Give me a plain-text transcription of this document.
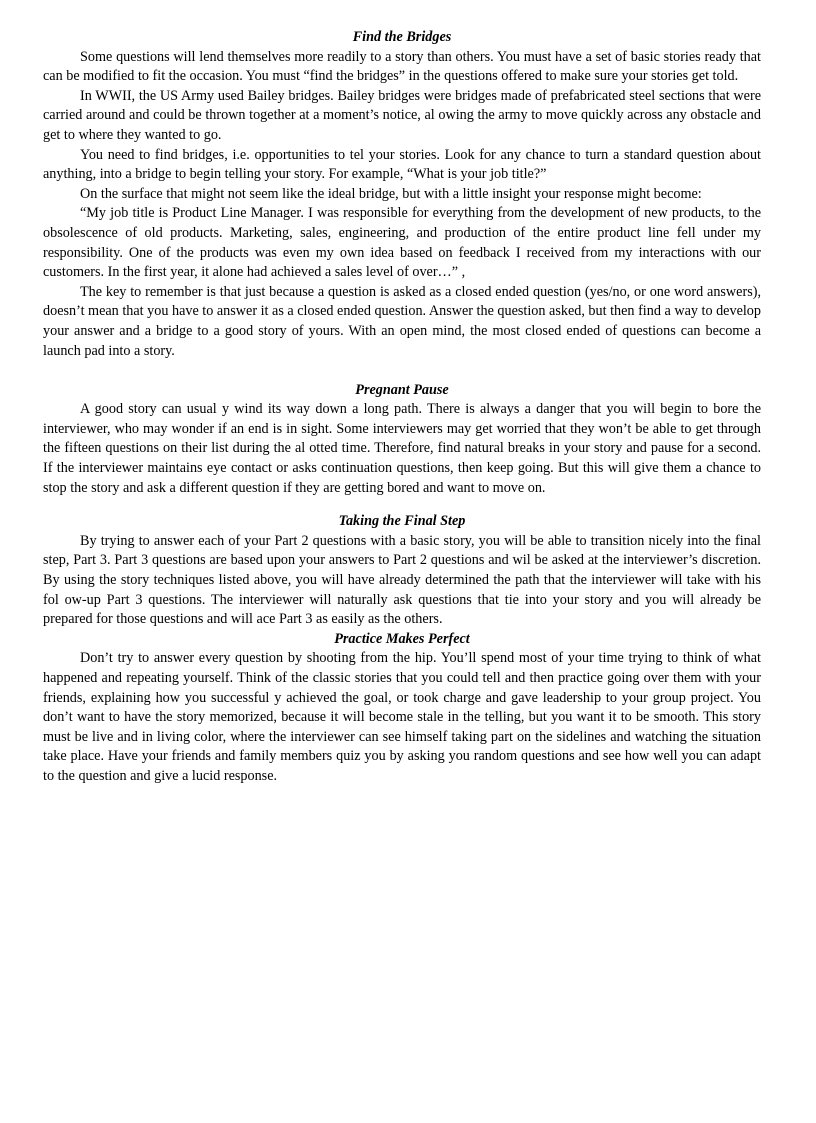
Find the Bridges

Some questions will lend themselves more readily to a story than others. You must have a set of basic stories ready that can be modified to fit the occasion. You must “find the bridges” in the questions offered to make sure your stories get told.

In WWII, the US Army used Bailey bridges. Bailey bridges were bridges made of prefabricated steel sections that were carried around and could be thrown together at a moment’s notice, al owing the army to move quickly across any obstacle and get to where they wanted to go.

You need to find bridges, i.e. opportunities to tel your stories. Look for any chance to turn a standard question about anything, into a bridge to begin telling your story. For example, “What is your job title?”

On the surface that might not seem like the ideal bridge, but with a little insight your response might become:

“My job title is Product Line Manager. I was responsible for everything from the development of new products, to the obsolescence of old products. Marketing, sales, engineering, and production of the entire product line fell under my responsibility. One of the products was even my own idea based on feedback I received from my interactions with our customers. In the first year, it alone had achieved a sales level of over…” ,

The key to remember is that just because a question is asked as a closed ended question (yes/no, or one word answers), doesn’t mean that you have to answer it as a closed ended question. Answer the question asked, but then find a way to develop your answer and a bridge to a good story of yours. With an open mind, the most closed ended of questions can become a launch pad into a story.

Pregnant Pause

A good story can usual y wind its way down a long path. There is always a danger that you will begin to bore the interviewer, who may wonder if an end is in sight. Some interviewers may get worried that they won’t be able to get through the fifteen questions on their list during the al otted time. Therefore, find natural breaks in your story and pause for a second. If the interviewer maintains eye contact or asks continuation questions, then keep going. But this will give them a chance to stop the story and ask a different question if they are getting bored and want to move on.

Taking the Final Step

By trying to answer each of your Part 2 questions with a basic story, you will be able to transition nicely into the final step, Part 3. Part 3 questions are based upon your answers to Part 2 questions and wil be asked at the interviewer’s discretion. By using the story techniques listed above, you will have already determined the path that the interviewer will take with his fol ow-up Part 3 questions. The interviewer will naturally ask questions that tie into your story and you will already be prepared for those questions and will ace Part 3 as easily as the others.

Practice Makes Perfect

Don’t try to answer every question by shooting from the hip. You’ll spend most of your time trying to think of what happened and repeating yourself. Think of the classic stories that you could tell and then practice going over them with your friends, explaining how you successful y achieved the goal, or took charge and gave leadership to your group project. You don’t want to have the story memorized, because it will become stale in the telling, but you want it to be smooth. This story must be live and in living color, where the interviewer can see himself taking part on the sidelines and watching the situation take place. Have your friends and family members quiz you by asking you random questions and see how well you can adapt to the question and give a lucid response.
